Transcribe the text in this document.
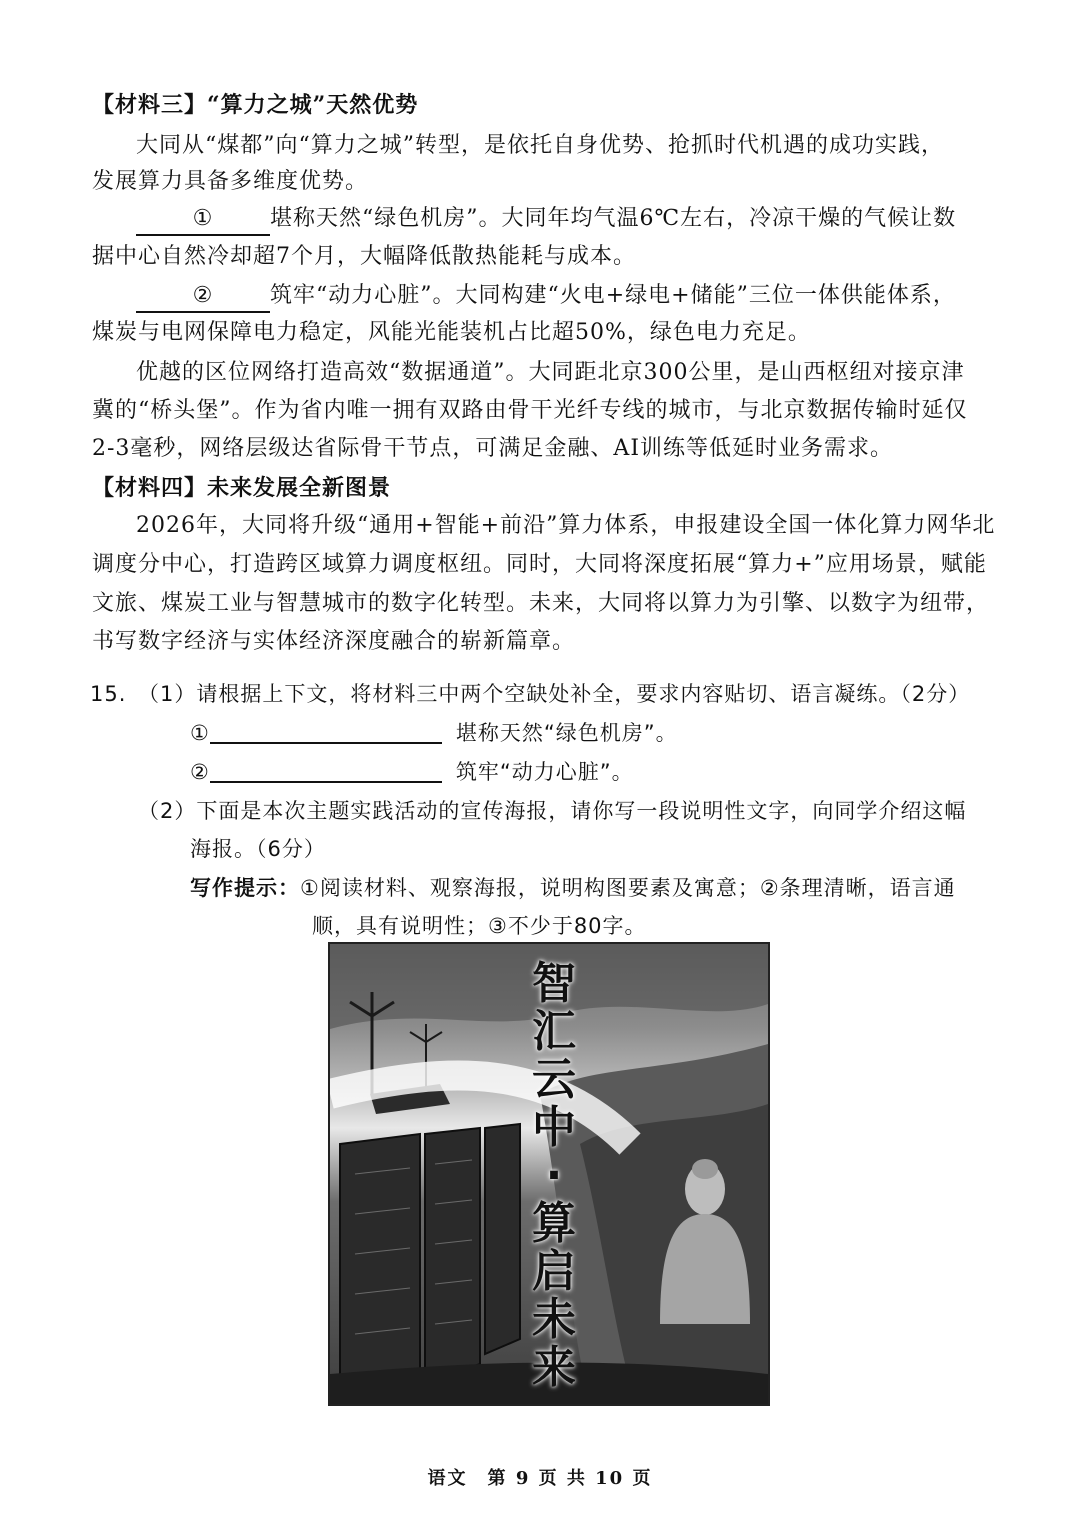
【材料三】“算力之城”天然优势
大同从“煤都”向“算力之城”转型，是依托自身优势、抢抓时代机遇的成功实践，
发展算力具备多维度优势。
①	堪称天然“绿色机房”。大同年均气温6℃左右，冷凉干燥的气候让数
据中心自然冷却超7个月，大幅降低散热能耗与成本。
②	筑牢“动力心脏”。大同构建“火电+绿电+储能”三位一体供能体系，
煤炭与电网保障电力稳定，风能光能装机占比超50%，绿色电力充足。
优越的区位网络打造高效“数据通道”。大同距北京300公里，是山西枢纽对接京津
冀的“桥头堡”。作为省内唯一拥有双路由骨干光纤专线的城市，与北京数据传输时延仅
2-3毫秒，网络层级达省际骨干节点，可满足金融、AI训练等低延时业务需求。
【材料四】未来发展全新图景
2026年，大同将升级“通用+智能+前沿”算力体系，申报建设全国一体化算力网华北
调度分中心，打造跨区域算力调度枢纽。同时，大同将深度拓展“算力+”应用场景，赋能
文旅、煤炭工业与智慧城市的数字化转型。未来，大同将以算力为引擎、以数字为纽带，
书写数字经济与实体经济深度融合的崭新篇章。
15. （1）请根据上下文，将材料三中两个空缺处补全，要求内容贴切、语言凝练。（2分）
①	堪称天然“绿色机房”。
②	筑牢“动力心脏”。
（2）下面是本次主题实践活动的宣传海报，请你写一段说明性文字，向同学介绍这幅
海报。（6分）
写作提示：①阅读材料、观察海报，说明构图要素及寓意；②条理清晰，语言通
顺，具有说明性；③不少于80字。
智
汇
云
中
·
算
启
未
来
语文　第 9 页 共 10 页
